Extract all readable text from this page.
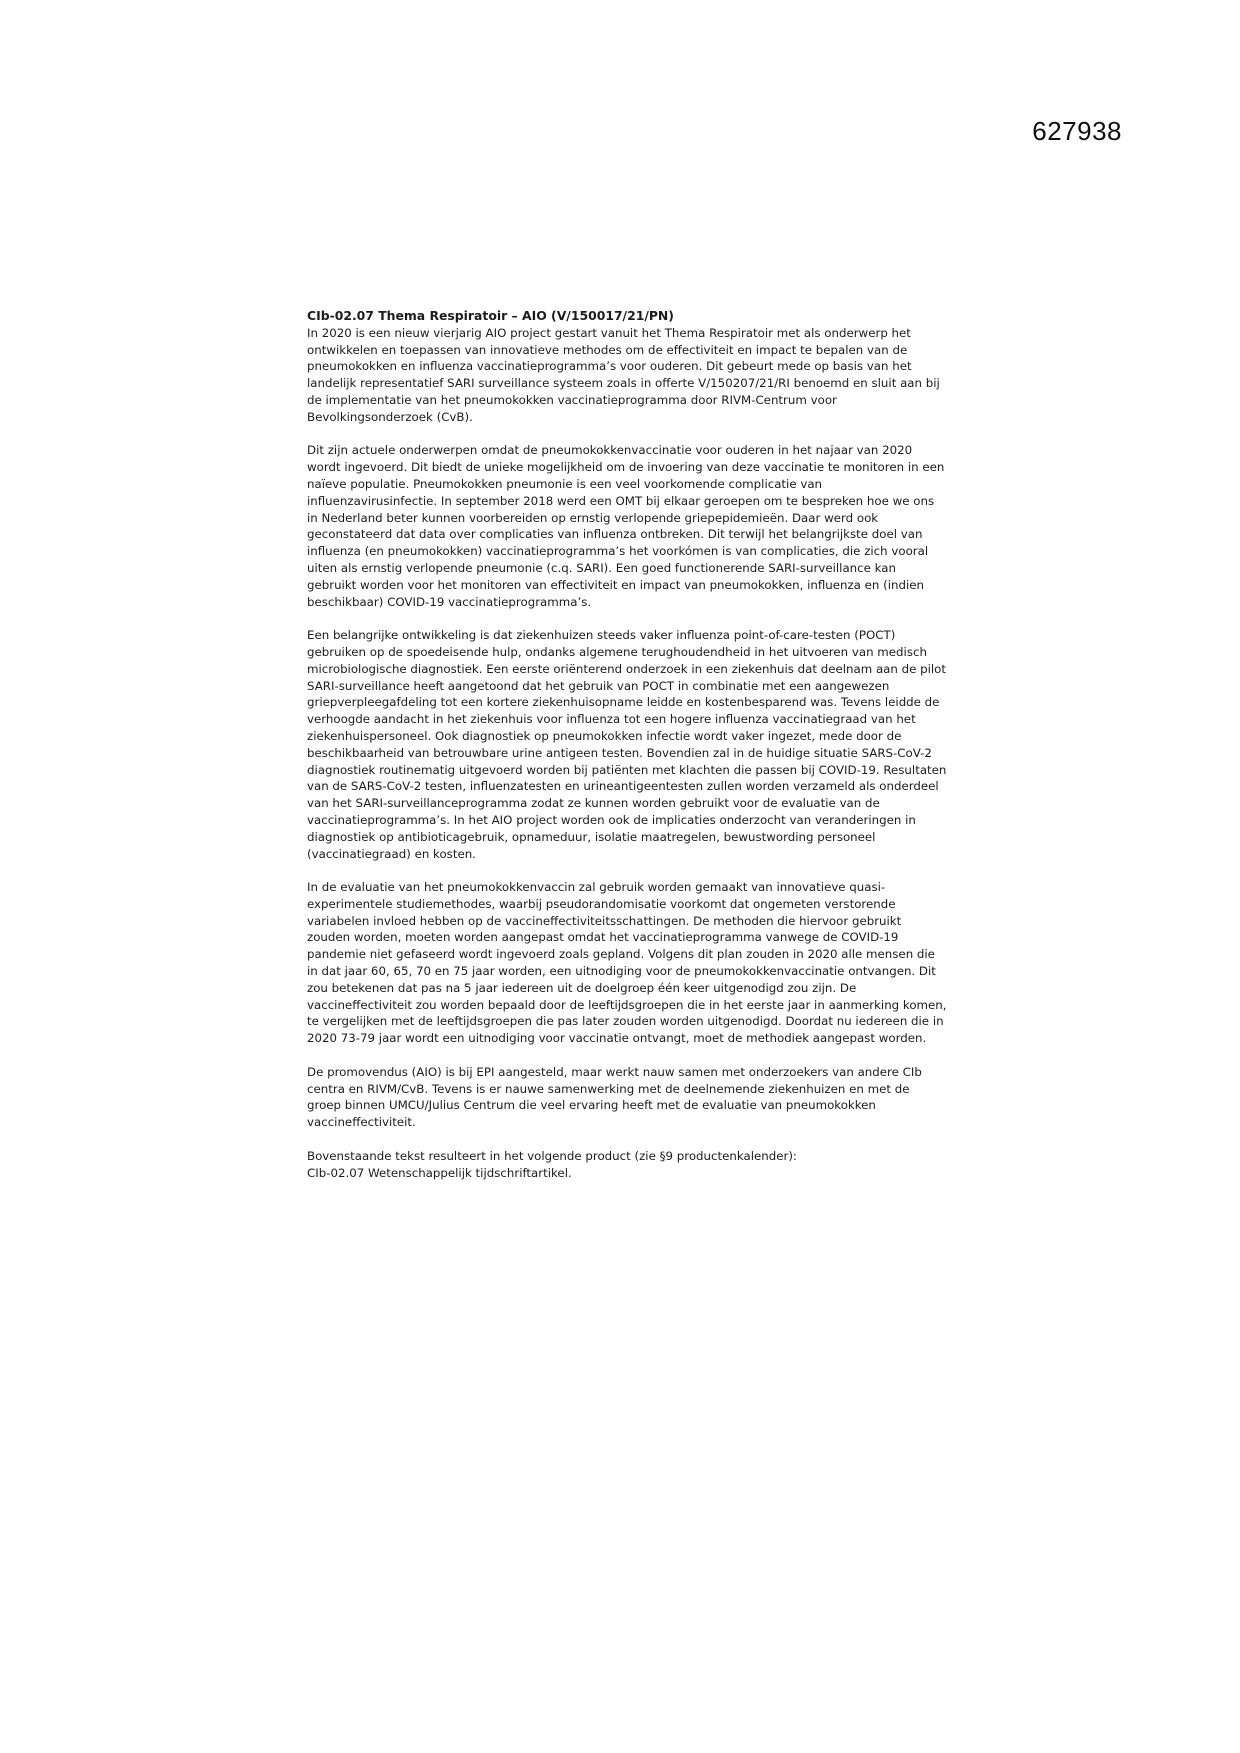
627938

CIb-02.07 Thema Respiratoir – AIO (V/150017/21/PN)

In 2020 is een nieuw vierjarig AIO project gestart vanuit het Thema Respiratoir met als onderwerp het ontwikkelen en toepassen van innovatieve methodes om de effectiviteit en impact te bepalen van de pneumokokken en influenza vaccinatieprogramma’s voor ouderen. Dit gebeurt mede op basis van het landelijk representatief SARI surveillance systeem zoals in offerte V/150207/21/RI benoemd en sluit aan bij de implementatie van het pneumokokken vaccinatieprogramma door RIVM-Centrum voor Bevolkingsonderzoek (CvB).

Dit zijn actuele onderwerpen omdat de pneumokokkenvaccinatie voor ouderen in het najaar van 2020 wordt ingevoerd. Dit biedt de unieke mogelijkheid om de invoering van deze vaccinatie te monitoren in een naïeve populatie. Pneumokokken pneumonie is een veel voorkomende complicatie van influenzavirusinfectie. In september 2018 werd een OMT bij elkaar geroepen om te bespreken hoe we ons in Nederland beter kunnen voorbereiden op ernstig verlopende griepepidemieën. Daar werd ook geconstateerd dat data over complicaties van influenza ontbreken. Dit terwijl het belangrijkste doel van influenza (en pneumokokken) vaccinatieprogramma’s het voorkómen is van complicaties, die zich vooral uiten als ernstig verlopende pneumonie (c.q. SARI). Een goed functionerende SARI-surveillance kan gebruikt worden voor het monitoren van effectiviteit en impact van pneumokokken, influenza en (indien beschikbaar) COVID-19 vaccinatieprogramma’s.

Een belangrijke ontwikkeling is dat ziekenhuizen steeds vaker influenza point-of-care-testen (POCT) gebruiken op de spoedeisende hulp, ondanks algemene terughoudendheid in het uitvoeren van medisch microbiologische diagnostiek. Een eerste oriënterend onderzoek in een ziekenhuis dat deelnam aan de pilot SARI-surveillance heeft aangetoond dat het gebruik van POCT in combinatie met een aangewezen griepverpleegafdeling tot een kortere ziekenhuisopname leidde en kostenbesparend was. Tevens leidde de verhoogde aandacht in het ziekenhuis voor influenza tot een hogere influenza vaccinatiegraad van het ziekenhuispersoneel. Ook diagnostiek op pneumokokken infectie wordt vaker ingezet, mede door de beschikbaarheid van betrouwbare urine antigeen testen. Bovendien zal in de huidige situatie SARS-CoV-2 diagnostiek routinematig uitgevoerd worden bij patiënten met klachten die passen bij COVID-19. Resultaten van de SARS-CoV-2 testen, influenzatesten en urineantigeentesten zullen worden verzameld als onderdeel van het SARI-surveillanceprogramma zodat ze kunnen worden gebruikt voor de evaluatie van de vaccinatieprogramma’s. In het AIO project worden ook de implicaties onderzocht van veranderingen in diagnostiek op antibioticagebruik, opnameduur, isolatie maatregelen, bewustwording personeel (vaccinatiegraad) en kosten.

In de evaluatie van het pneumokokkenvaccin zal gebruik worden gemaakt van innovatieve quasi-experimentele studiemethodes, waarbij pseudorandomisatie voorkomt dat ongemeten verstorende variabelen invloed hebben op de vaccineffectiviteitsschattingen. De methoden die hiervoor gebruikt zouden worden, moeten worden aangepast omdat het vaccinatieprogramma vanwege de COVID-19 pandemie niet gefaseerd wordt ingevoerd zoals gepland. Volgens dit plan zouden in 2020 alle mensen die in dat jaar 60, 65, 70 en 75 jaar worden, een uitnodiging voor de pneumokokkenvaccinatie ontvangen. Dit zou betekenen dat pas na 5 jaar iedereen uit de doelgroep één keer uitgenodigd zou zijn. De vaccineffectiviteit zou worden bepaald door de leeftijdsgroepen die in het eerste jaar in aanmerking komen, te vergelijken met de leeftijdsgroepen die pas later zouden worden uitgenodigd. Doordat nu iedereen die in 2020 73-79 jaar wordt een uitnodiging voor vaccinatie ontvangt, moet de methodiek aangepast worden.

De promovendus (AIO) is bij EPI aangesteld, maar werkt nauw samen met onderzoekers van andere CIb centra en RIVM/CvB. Tevens is er nauwe samenwerking met de deelnemende ziekenhuizen en met de groep binnen UMCU/Julius Centrum die veel ervaring heeft met de evaluatie van pneumokokken vaccineffectiviteit.

Bovenstaande tekst resulteert in het volgende product (zie §9 productenkalender):

CIb-02.07 Wetenschappelijk tijdschriftartikel.
